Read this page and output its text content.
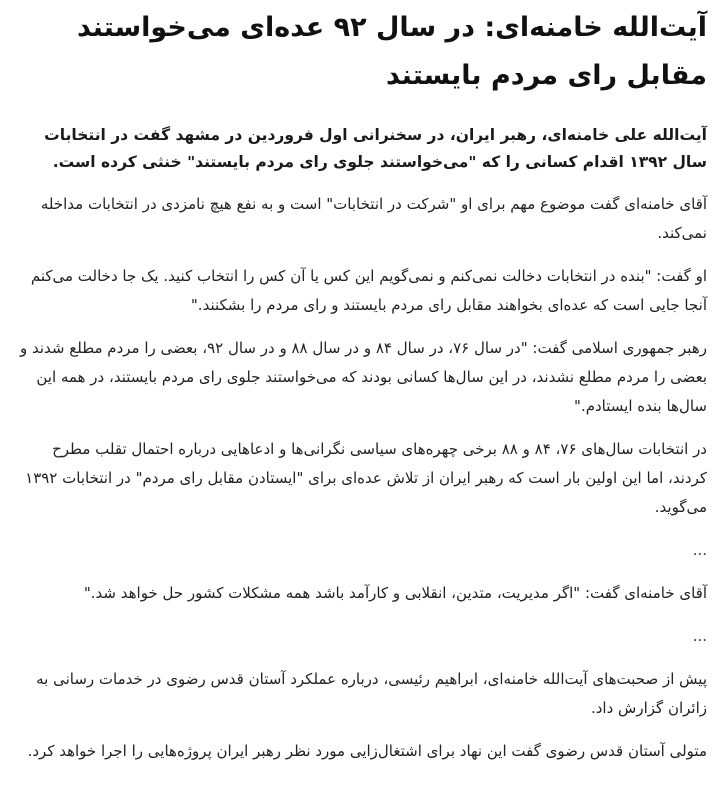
آیت‌الله خامنه‌ای: در سال ۹۲ عده‌ای می‌خواستند مقابل رای مردم بایستند

آیت‌الله علی خامنه‌ای، رهبر ایران، در سخنرانی اول فروردین در مشهد گفت در انتخابات سال ۱۳۹۲ اقدام کسانی را که "می‌خواستند جلوی رای مردم بایستند" خنثی کرده است.

آقای خامنه‌ای گفت موضوع مهم برای او "شرکت در انتخابات" است و به نفع هیچ نامزدی در انتخابات مداخله نمی‌کند.

او گفت: "بنده در انتخابات دخالت نمی‌کنم و نمی‌گویم این کس یا آن کس را انتخاب کنید. یک جا دخالت می‌کنم آنجا جایی است که عده‌ای بخواهند مقابل رای مردم بایستند و رای مردم را بشکنند."

رهبر جمهوری اسلامی گفت: "در سال ۷۶، در سال ۸۴ و در سال ۸۸ و در سال ۹۲، بعضی را مردم مطلع شدند و بعضی را مردم مطلع نشدند، در این سال‌ها کسانی بودند که می‌خواستند جلوی رای مردم بایستند، در همه این سال‌ها بنده ایستادم."

در انتخابات سال‌های ۷۶، ۸۴ و ۸۸ برخی چهره‌های سیاسی نگرانی‌ها و ادعاهایی درباره احتمال تقلب مطرح کردند، اما این اولین بار است که رهبر ایران از تلاش عده‌ای برای "ایستادن مقابل رای مردم" در انتخابات ۱۳۹۲ می‌گوید.

...

آقای خامنه‌ای گفت: "اگر مدیریت، متدین، انقلابی و کارآمد باشد همه مشکلات کشور حل خواهد شد."

...

پیش از صحبت‌های آیت‌الله خامنه‌ای، ابراهیم رئیسی، درباره عملکرد آستان قدس رضوی در خدمات رسانی به زائران گزارش داد.

متولی آستان قدس رضوی گفت این نهاد برای اشتغال‌زایی مورد نظر رهبر ایران پروژه‌هایی را اجرا خواهد کرد.
